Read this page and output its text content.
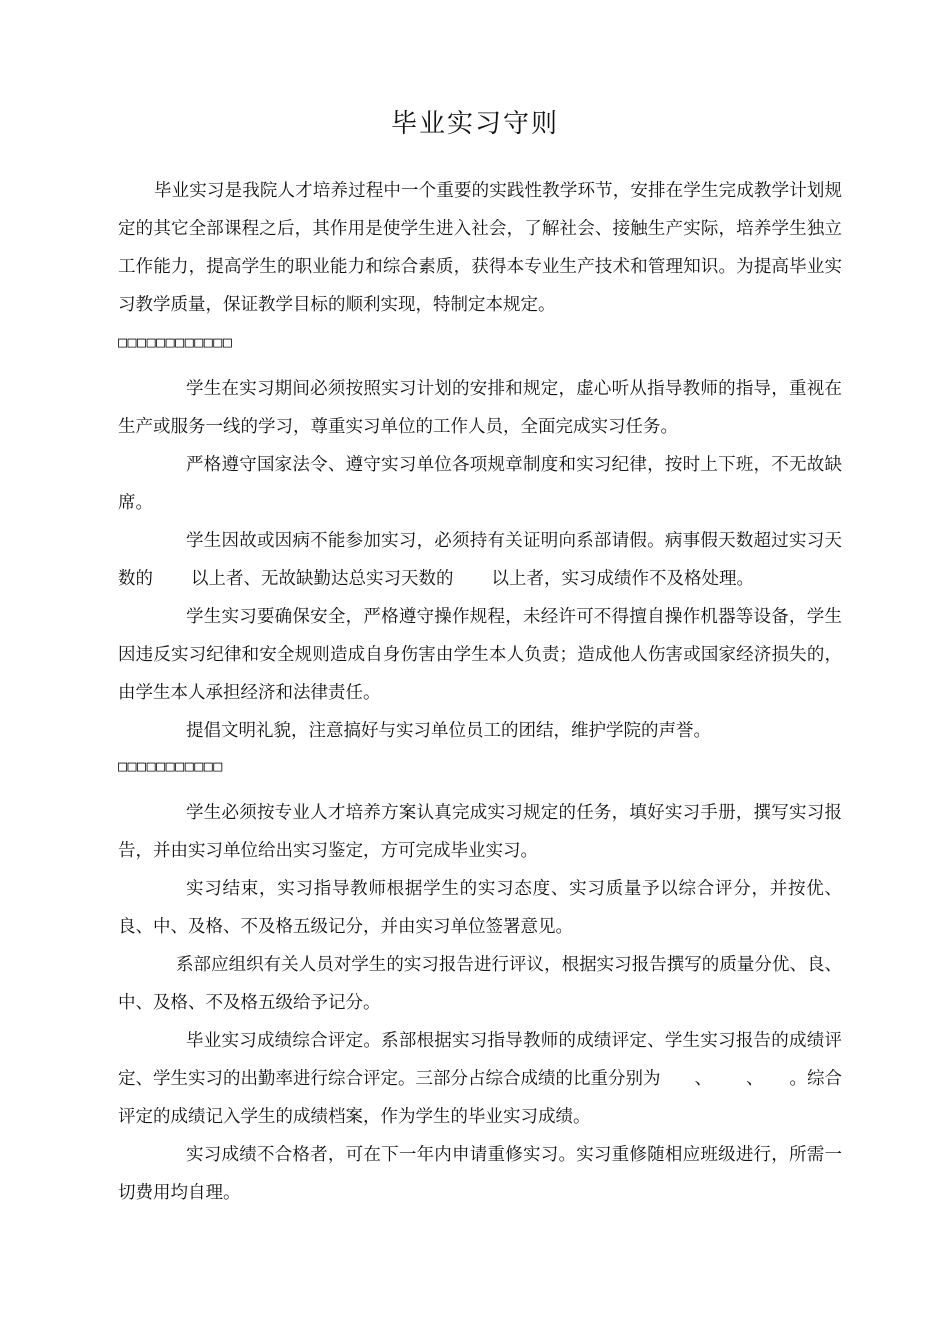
毕业实习守则
毕业实习是我院人才培养过程中一个重要的实践性教学环节，安排在学生完成教学计划规定的其它全部课程之后，其作用是使学生进入社会，了解社会、接触生产实际，培养学生独立工作能力，提高学生的职业能力和综合素质，获得本专业生产技术和管理知识。为提高毕业实习教学质量，保证教学目标的顺利实现，特制定本规定。
□□□□□□□□□□□□
学生在实习期间必须按照实习计划的安排和规定，虚心听从指导教师的指导，重视在生产或服务一线的学习，尊重实习单位的工作人员，全面完成实习任务。
严格遵守国家法令、遵守实习单位各项规章制度和实习纪律，按时上下班，不无故缺席。
学生因故或因病不能参加实习，必须持有关证明向系部请假。病事假天数超过实习天数的 以上者、无故缺勤达总实习天数的 以上者，实习成绩作不及格处理。
学生实习要确保安全，严格遵守操作规程，未经许可不得擅自操作机器等设备，学生因违反实习纪律和安全规则造成自身伤害由学生本人负责；造成他人伤害或国家经济损失的，由学生本人承担经济和法律责任。
提倡文明礼貌，注意搞好与实习单位员工的团结，维护学院的声誉。
□□□□□□□□□□□
学生必须按专业人才培养方案认真完成实习规定的任务，填好实习手册，撰写实习报告，并由实习单位给出实习鉴定，方可完成毕业实习。
实习结束，实习指导教师根据学生的实习态度、实习质量予以综合评分，并按优、良、中、及格、不及格五级记分，并由实习单位签署意见。
系部应组织有关人员对学生的实习报告进行评议，根据实习报告撰写的质量分优、良、中、及格、不及格五级给予记分。
毕业实习成绩综合评定。系部根据实习指导教师的成绩评定、学生实习报告的成绩评定、学生实习的出勤率进行综合评定。三部分占综合成绩的比重分别为 、 、 。综合评定的成绩记入学生的成绩档案，作为学生的毕业实习成绩。
实习成绩不合格者，可在下一年内申请重修实习。实习重修随相应班级进行，所需一切费用均自理。
